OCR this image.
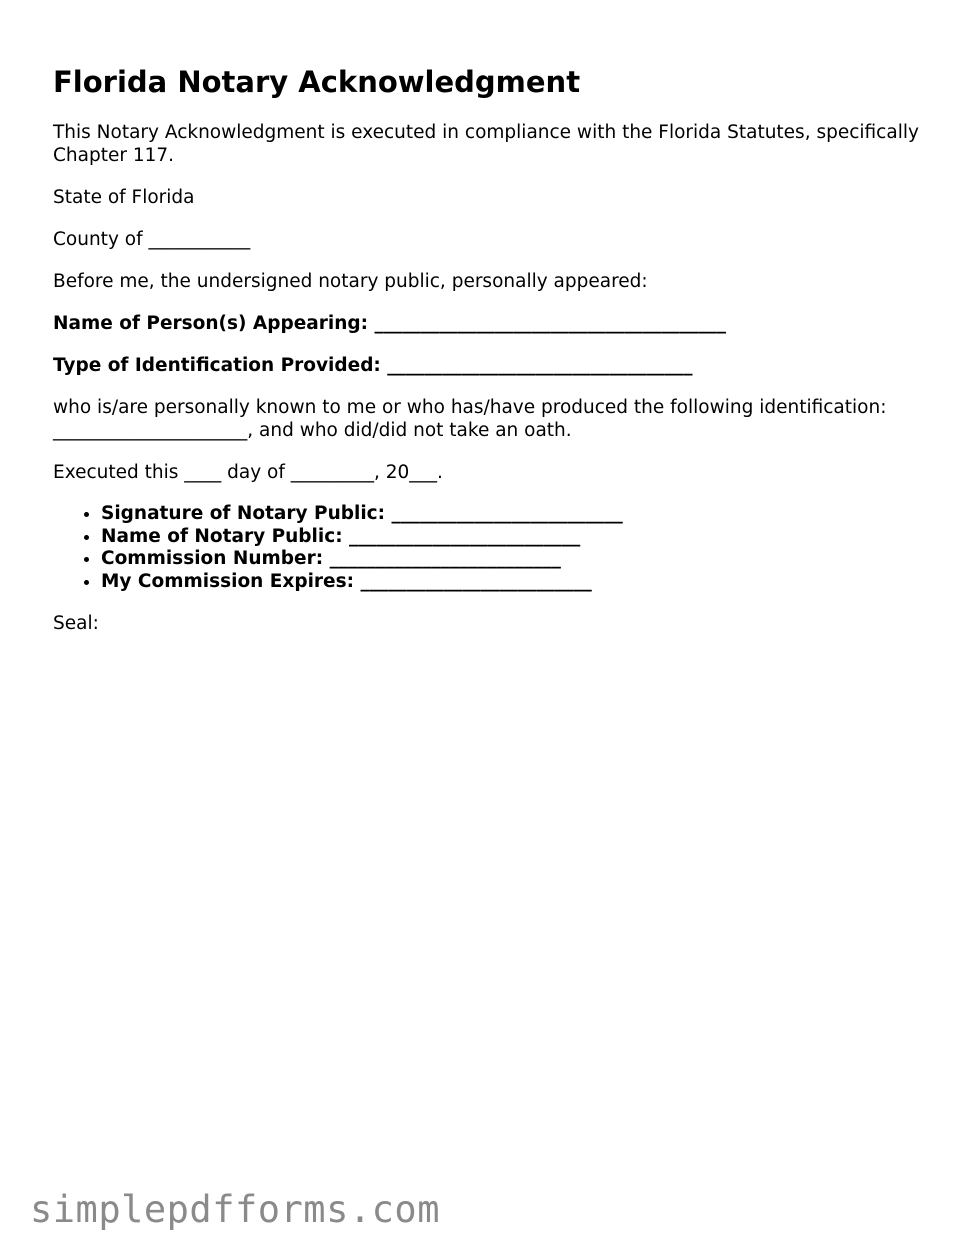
Florida Notary Acknowledgment

This Notary Acknowledgment is executed in compliance with the Florida Statutes, specifically Chapter 117.

State of Florida

County of ___________

Before me, the undersigned notary public, personally appeared:

Name of Person(s) Appearing: ______________________________________

Type of Identification Provided: _________________________________

who is/are personally known to me or who has/have produced the following identification:
_____________________, and who did/did not take an oath.

Executed this ____ day of _________, 20___.

• Signature of Notary Public: _________________________
• Name of Notary Public: _________________________
• Commission Number: _________________________
• My Commission Expires: _________________________

Seal:

simplepdfforms.com
